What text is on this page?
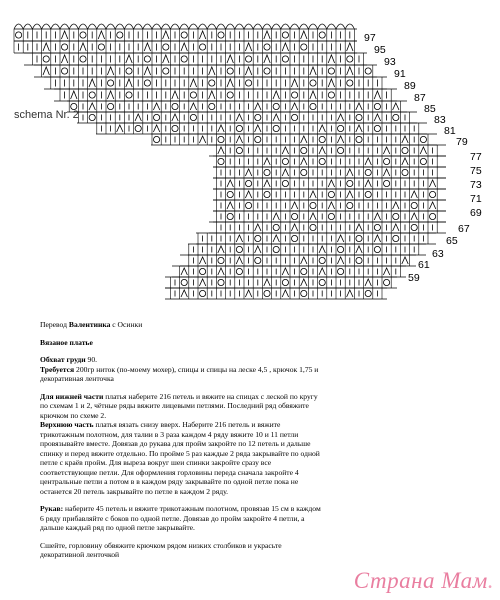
97
95
93
91
89
87
85
83
81
79
77
75
73
71
69
67
65
63
61
59
schema Nr. 2

Перевод Валентинка с Осинки

Вязаное платье

Обхват груди 90.

Требуется 200гр ниток (по-моему мохер), спицы и спицы на леске 4,5 , крючок 1,75 и декоративная ленточка

Для нижней части платья наберите 216 петель и вяжите на спицах с леской по кругу по схемам 1 и 2, чётные ряды вяжите лицевыми петлями. Последний ряд обвяжите крючком по схеме 2.

Верхнюю часть платья вязать снизу вверх. Наберите 216 петель и вяжите трикотажным полотном, для талии в 3 раза каждом 4 ряду вяжите 10 и 11 петли провязывайте вместе. Довязав до рукава для пройм закройте по 12 петель и дальше спинку и перед вяжите отдельно. По пройме 5 раз каждые 2 ряда закрывайте по одной петле с краёв пройм. Для выреза вокруг шеи спинки закройте сразу все соответствующие петли. Для оформления горловины переда сначала закройте 4 центральные петли а потом в в каждом ряду закрывайте по одной петле пока не останется 20 петель закрывайте по петле в каждом 2 ряду.

Рукав: наберите 45 петель и вяжите трикотажным полотном, провязав 15 см в каждом 6 ряду прибавляйте с боков по одной петле. Довязав до пройм закройте 4 петли, а дальше каждый ряд по одной петле закрывайте.

Сшейте, горловину обвяжите крючком рядом низких столбиков и украсьте декоративной ленточкой

Страна Мам.
